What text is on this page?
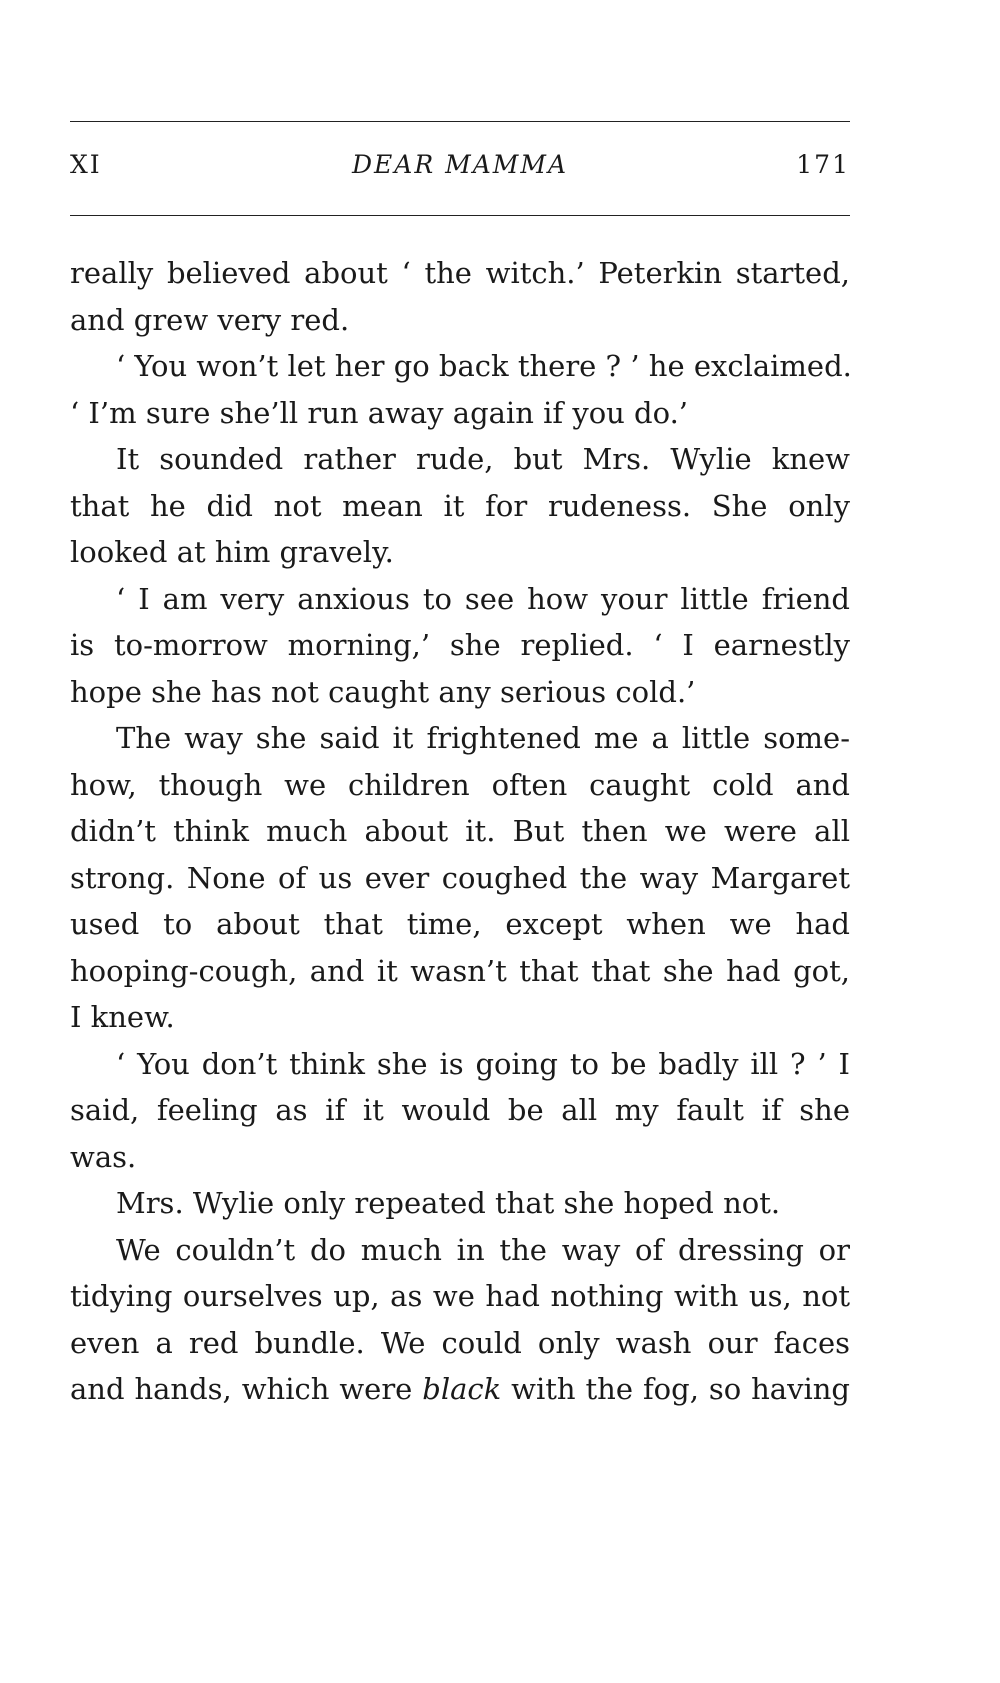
XI	DEAR MAMMA	171
really believed about ‘ the witch.’ Peterkin started,
and grew very red.
‘ You won’t let her go back there ? ’ he exclaimed.
‘ I’m sure she’ll run away again if you do.’
It sounded rather rude, but Mrs. Wylie knew
that he did not mean it for rudeness. She only
looked at him gravely.
‘ I am very anxious to see how your little friend
is to-morrow morning,’ she replied. ‘ I earnestly
hope she has not caught any serious cold.’
The way she said it frightened me a little some-
how, though we children often caught cold and
didn’t think much about it. But then we were all
strong. None of us ever coughed the way Margaret
used to about that time, except when we had
hooping-cough, and it wasn’t that that she had got,
I knew.
‘ You don’t think she is going to be badly ill ? ’ I
said, feeling as if it would be all my fault if she
was.
Mrs. Wylie only repeated that she hoped not.
We couldn’t do much in the way of dressing or
tidying ourselves up, as we had nothing with us, not
even a red bundle. We could only wash our faces
and hands, which were black with the fog, so having
